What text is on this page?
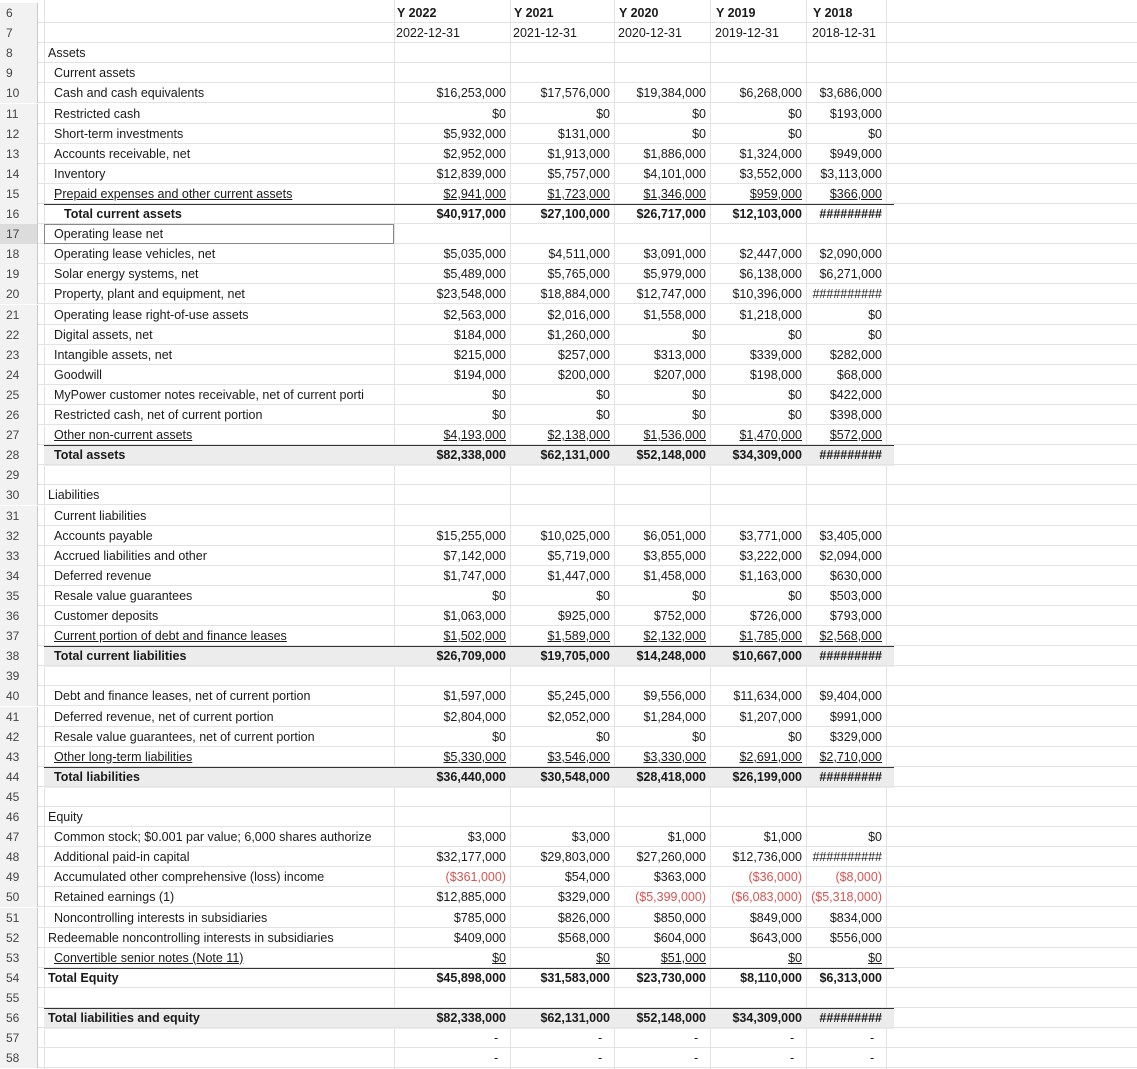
6	Y 2022	Y 2021	Y 2020	Y 2019	Y 2018
7	2022-12-31	2021-12-31	2020-12-31	2019-12-31	2018-12-31
8	Assets
9	Current assets
10	Cash and cash equivalents	$16,253,000	$17,576,000 $19,384,000	$6,268,000 $3,686,000
11	Restricted cash	$0	$0	$0	$0 $193,000
12	Short-term investments	$5,932,000	$131,000	$0	$0	$0
13	Accounts receivable, net	$2,952,000	$1,913,000	$1,886,000	$1,324,000 $949,000
14	Inventory	$12,839,000	$5,757,000	$4,101,000	$3,552,000 $3,113,000
15	Prepaid expenses and other current assets	$2,941,000	$1,723,000	$1,346,000	$959,000 $366,000
16	Total current assets	$40,917,000	$27,100,000 $26,717,000 $12,103,000 #########
17	Operating lease net
18	Operating lease vehicles, net	$5,035,000	$4,511,000	$3,091,000	$2,447,000 $2,090,000
19	Solar energy systems, net	$5,489,000	$5,765,000	$5,979,000	$6,138,000 $6,271,000
20	Property, plant and equipment, net	$23,548,000	$18,884,000 $12,747,000 $10,396,000 ##########
21	Operating lease right-of-use assets	$2,563,000	$2,016,000	$1,558,000	$1,218,000	$0
22	Digital assets, net	$184,000	$1,260,000	$0	$0	$0
23	Intangible assets, net	$215,000	$257,000	$313,000	$339,000 $282,000
24	Goodwill	$194,000	$200,000	$207,000	$198,000	$68,000
25	MyPower customer notes receivable, net of current porti	$0	$0	$0	$0 $422,000
26	Restricted cash, net of current portion	$0	$0	$0	$0 $398,000
27	Other non-current assets	$4,193,000	$2,138,000	$1,536,000	$1,470,000 $572,000
28	Total assets	$82,338,000	$62,131,000 $52,148,000 $34,309,000 #########
29
30	Liabilities
31	Current liabilities
32	Accounts payable	$15,255,000	$10,025,000	$6,051,000	$3,771,000 $3,405,000
33	Accrued liabilities and other	$7,142,000	$5,719,000	$3,855,000	$3,222,000 $2,094,000
34	Deferred revenue	$1,747,000	$1,447,000	$1,458,000	$1,163,000 $630,000
35	Resale value guarantees	$0	$0	$0	$0 $503,000
36	Customer deposits	$1,063,000	$925,000	$752,000	$726,000 $793,000
37	Current portion of debt and finance leases	$1,502,000	$1,589,000	$2,132,000	$1,785,000 $2,568,000
38	Total current liabilities	$26,709,000	$19,705,000 $14,248,000 $10,667,000 #########
39
40	Debt and finance leases, net of current portion	$1,597,000	$5,245,000	$9,556,000 $11,634,000 $9,404,000
41	Deferred revenue, net of current portion	$2,804,000	$2,052,000	$1,284,000	$1,207,000 $991,000
42	Resale value guarantees, net of current portion	$0	$0	$0	$0 $329,000
43	Other long-term liabilities	$5,330,000	$3,546,000	$3,330,000	$2,691,000 $2,710,000
44	Total liabilities	$36,440,000	$30,548,000 $28,418,000 $26,199,000 #########
45
46	Equity
47	Common stock; $0.001 par value; 6,000 shares authorize	$3,000	$3,000	$1,000	$1,000	$0
48	Additional paid-in capital	$32,177,000	$29,803,000 $27,260,000 $12,736,000 ##########
49	Accumulated other comprehensive (loss) income	($361,000)	$54,000	$363,000	($36,000)	($8,000)
50	Retained earnings (1)	$12,885,000	$329,000 ($5,399,000) ($6,083,000) ($5,318,000)
51	Noncontrolling interests in subsidiaries	$785,000	$826,000	$850,000	$849,000 $834,000
52	Redeemable noncontrolling interests in subsidiaries	$409,000	$568,000	$604,000	$643,000 $556,000
53	Convertible senior notes (Note 11)	$0	$0	$51,000	$0	$0
54	Total Equity	$45,898,000	$31,583,000 $23,730,000	$8,110,000 $6,313,000
55
56	Total liabilities and equity	$82,338,000	$62,131,000 $52,148,000 $34,309,000 #########
57	-	-	-	-	-
58	-	-	-	-	-
